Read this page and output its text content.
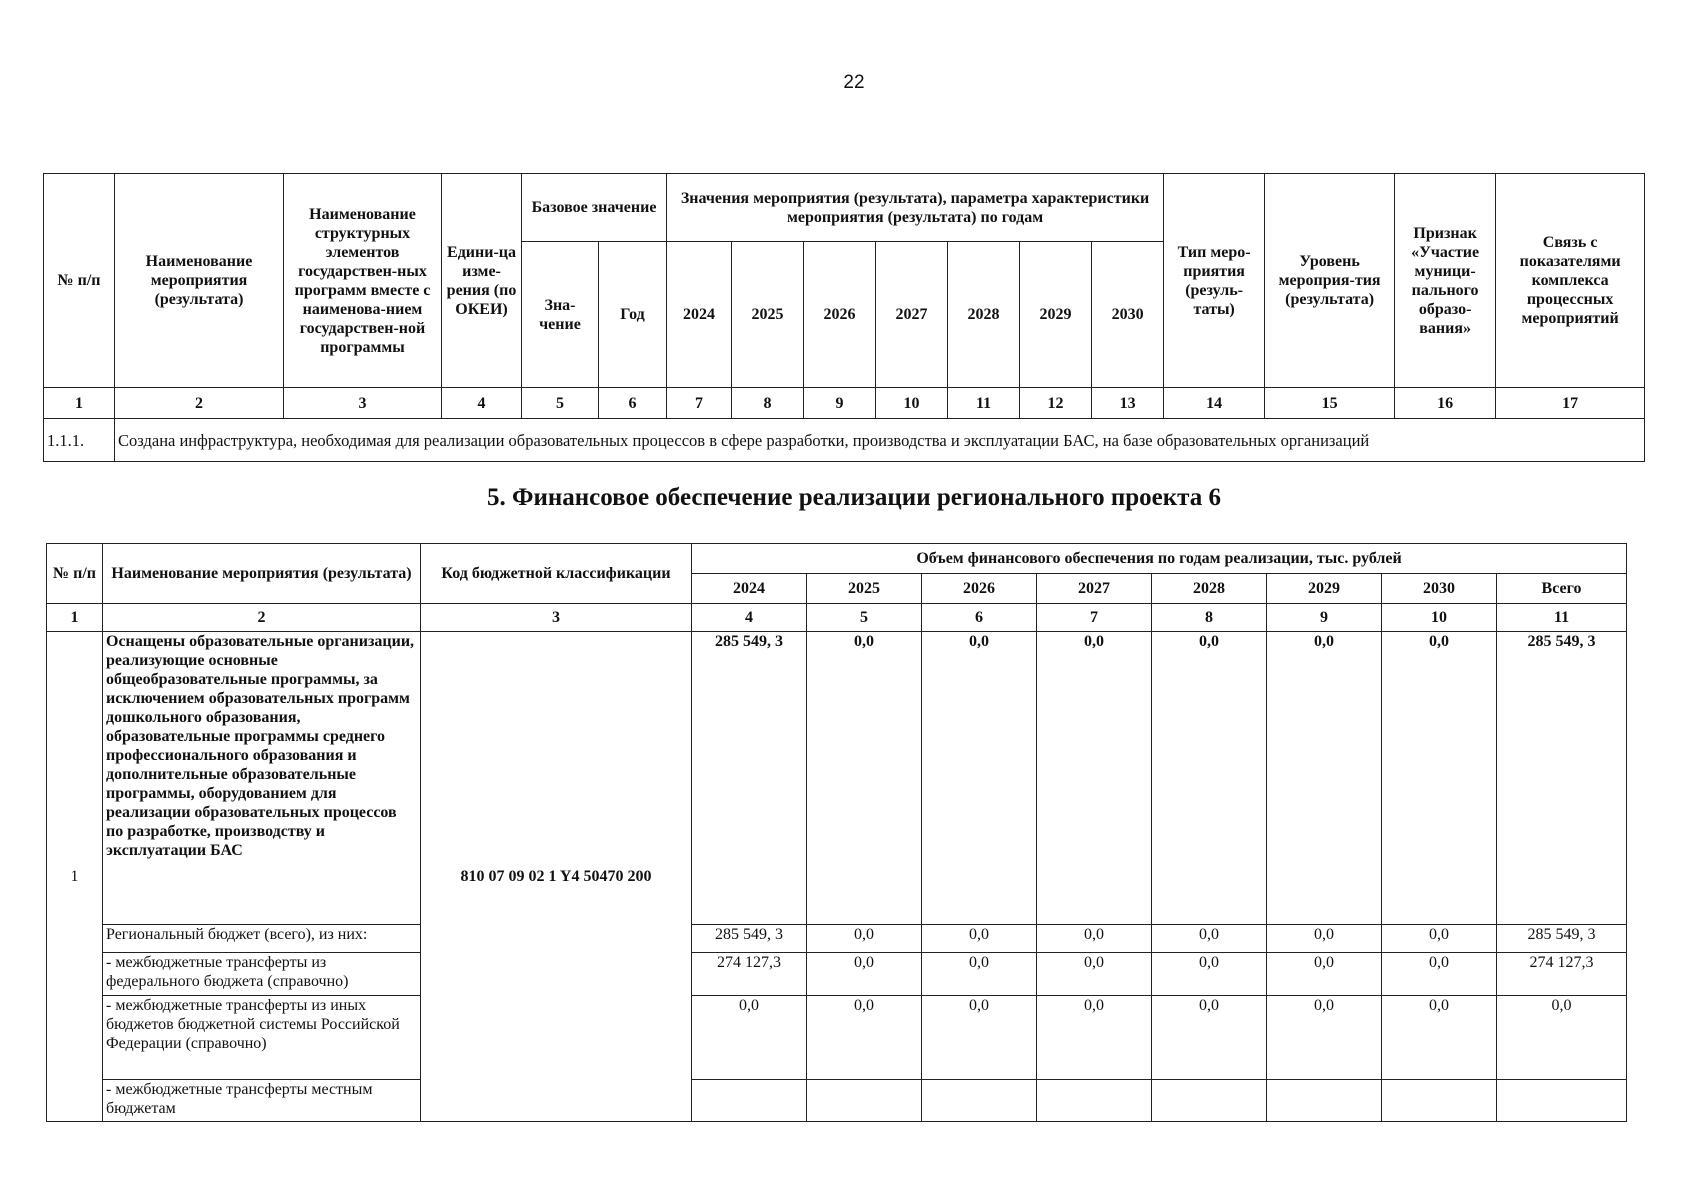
22
№ п/п	Наименование мероприятия (результата)	Наименование структурных элементов государствен-ных программ вместе с наименова-нием государствен-ной программы	Едини-ца изме-рения (по ОКЕИ)	Базовое значение		Значения мероприятия (результата), параметра характеристики мероприятия (результата) по годам							Тип меро-приятия (резуль-таты)	Уровень мероприя-тия (результата)	Признак «Участие муници-пального образо-вания»	Связь с показателями комплекса процессных мероприятий
				Зна-чение	Год	2024	2025	2026	2027	2028	2029	2030				
1	2	3	4	5	6	7	8	9	10	11	12	13	14	15	16	17
1.1.1.	Создана инфраструктура, необходимая для реализации образовательных процессов в сфере разработки, производства и эксплуатации БАС, на базе образовательных организаций															
5. Финансовое обеспечение реализации регионального проекта 6
№ п/п	Наименование мероприятия (результата)	Код бюджетной классификации	Объем финансового обеспечения по годам реализации, тыс. рублей							
			2024	2025	2026	2027	2028	2029	2030	Всего
1	2	3	4	5	6	7	8	9	10	11
1	Оснащены образовательные организации, реализующие основные общеобразовательные программы, за исключением образовательных программ дошкольного образования, образовательные программы среднего профессионального образования и дополнительные образовательные программы, оборудованием для реализации образовательных процессов по разработке, производству и эксплуатации БАС	810 07 09 02 1 Y4 50470 200	285 549, 3	0,0	0,0	0,0	0,0	0,0	0,0	285 549, 3
	Региональный бюджет (всего), из них:		285 549, 3	0,0	0,0	0,0	0,0	0,0	0,0	285 549, 3
	- межбюджетные трансферты из федерального бюджета (справочно)		274 127,3	0,0	0,0	0,0	0,0	0,0	0,0	274 127,3
	- межбюджетные трансферты из иных бюджетов бюджетной системы Российской Федерации (справочно)		0,0	0,0	0,0	0,0	0,0	0,0	0,0	0,0
	- межбюджетные трансферты местным бюджетам									
